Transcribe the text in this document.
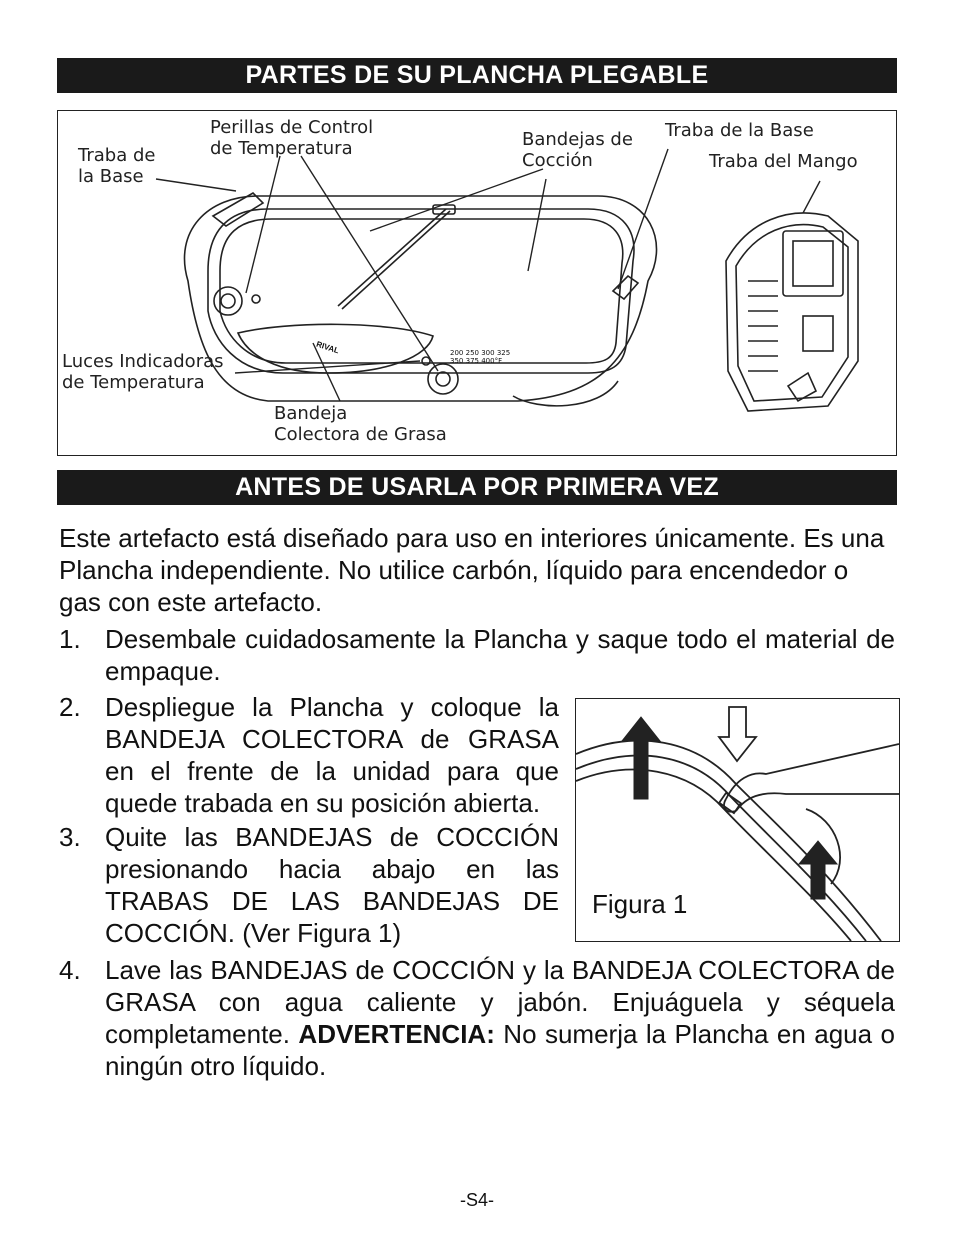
PARTES DE SU PLANCHA PLEGABLE
Traba de
la Base
Perillas de Control
de Temperatura	Bandejas de
Cocción
Traba de la Base
Traba del Mango
Luces Indicadoras
de Temperatura
Bandeja
Colectora de Grasa
RIVAL	200 250 300 325
350 375 400°F
ANTES DE USARLA POR PRIMERA VEZ
Este artefacto está diseñado para uso en interiores únicamente. Es una Plancha independiente. No utilice carbón, líquido para encendedor o gas con este artefacto.
1. Desembale cuidadosamente la Plancha y saque todo el material de empaque.
2. Despliegue la Plancha y coloque la BANDEJA COLECTORA de GRASA en el frente de la unidad para que quede trabada en su posición abierta.
3. Quite las BANDEJAS de COCCIÓN presionando hacia abajo en las TRABAS DE LAS BANDEJAS DE COCCIÓN. (Ver Figura 1)
4. Lave las BANDEJAS de COCCIÓN y la BANDEJA COLECTORA de GRASA con agua caliente y jabón. Enjuáguela y séquela completamente. ADVERTENCIA: No sumerja la Plancha en agua o ningún otro líquido.
Figura 1
-S4-
